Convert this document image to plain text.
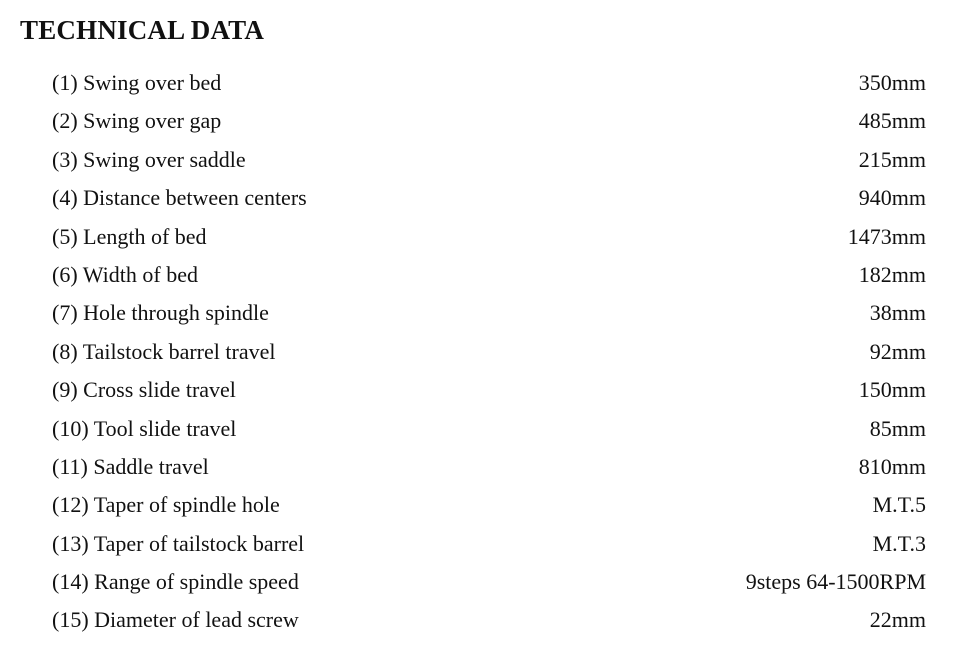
TECHNICAL DATA
(1) Swing over bed	350mm
(2) Swing over gap	485mm
(3) Swing over saddle	215mm
(4) Distance between centers	940mm
(5) Length of bed	1473mm
(6) Width of bed	182mm
(7) Hole through spindle	38mm
(8) Tailstock barrel travel	92mm
(9) Cross slide travel	150mm
(10) Tool slide travel	85mm
(11) Saddle travel	810mm
(12) Taper of spindle hole	M.T.5
(13) Taper of tailstock barrel	M.T.3
(14) Range of spindle speed	9steps 64-1500RPM
(15) Diameter of lead screw	22mm
